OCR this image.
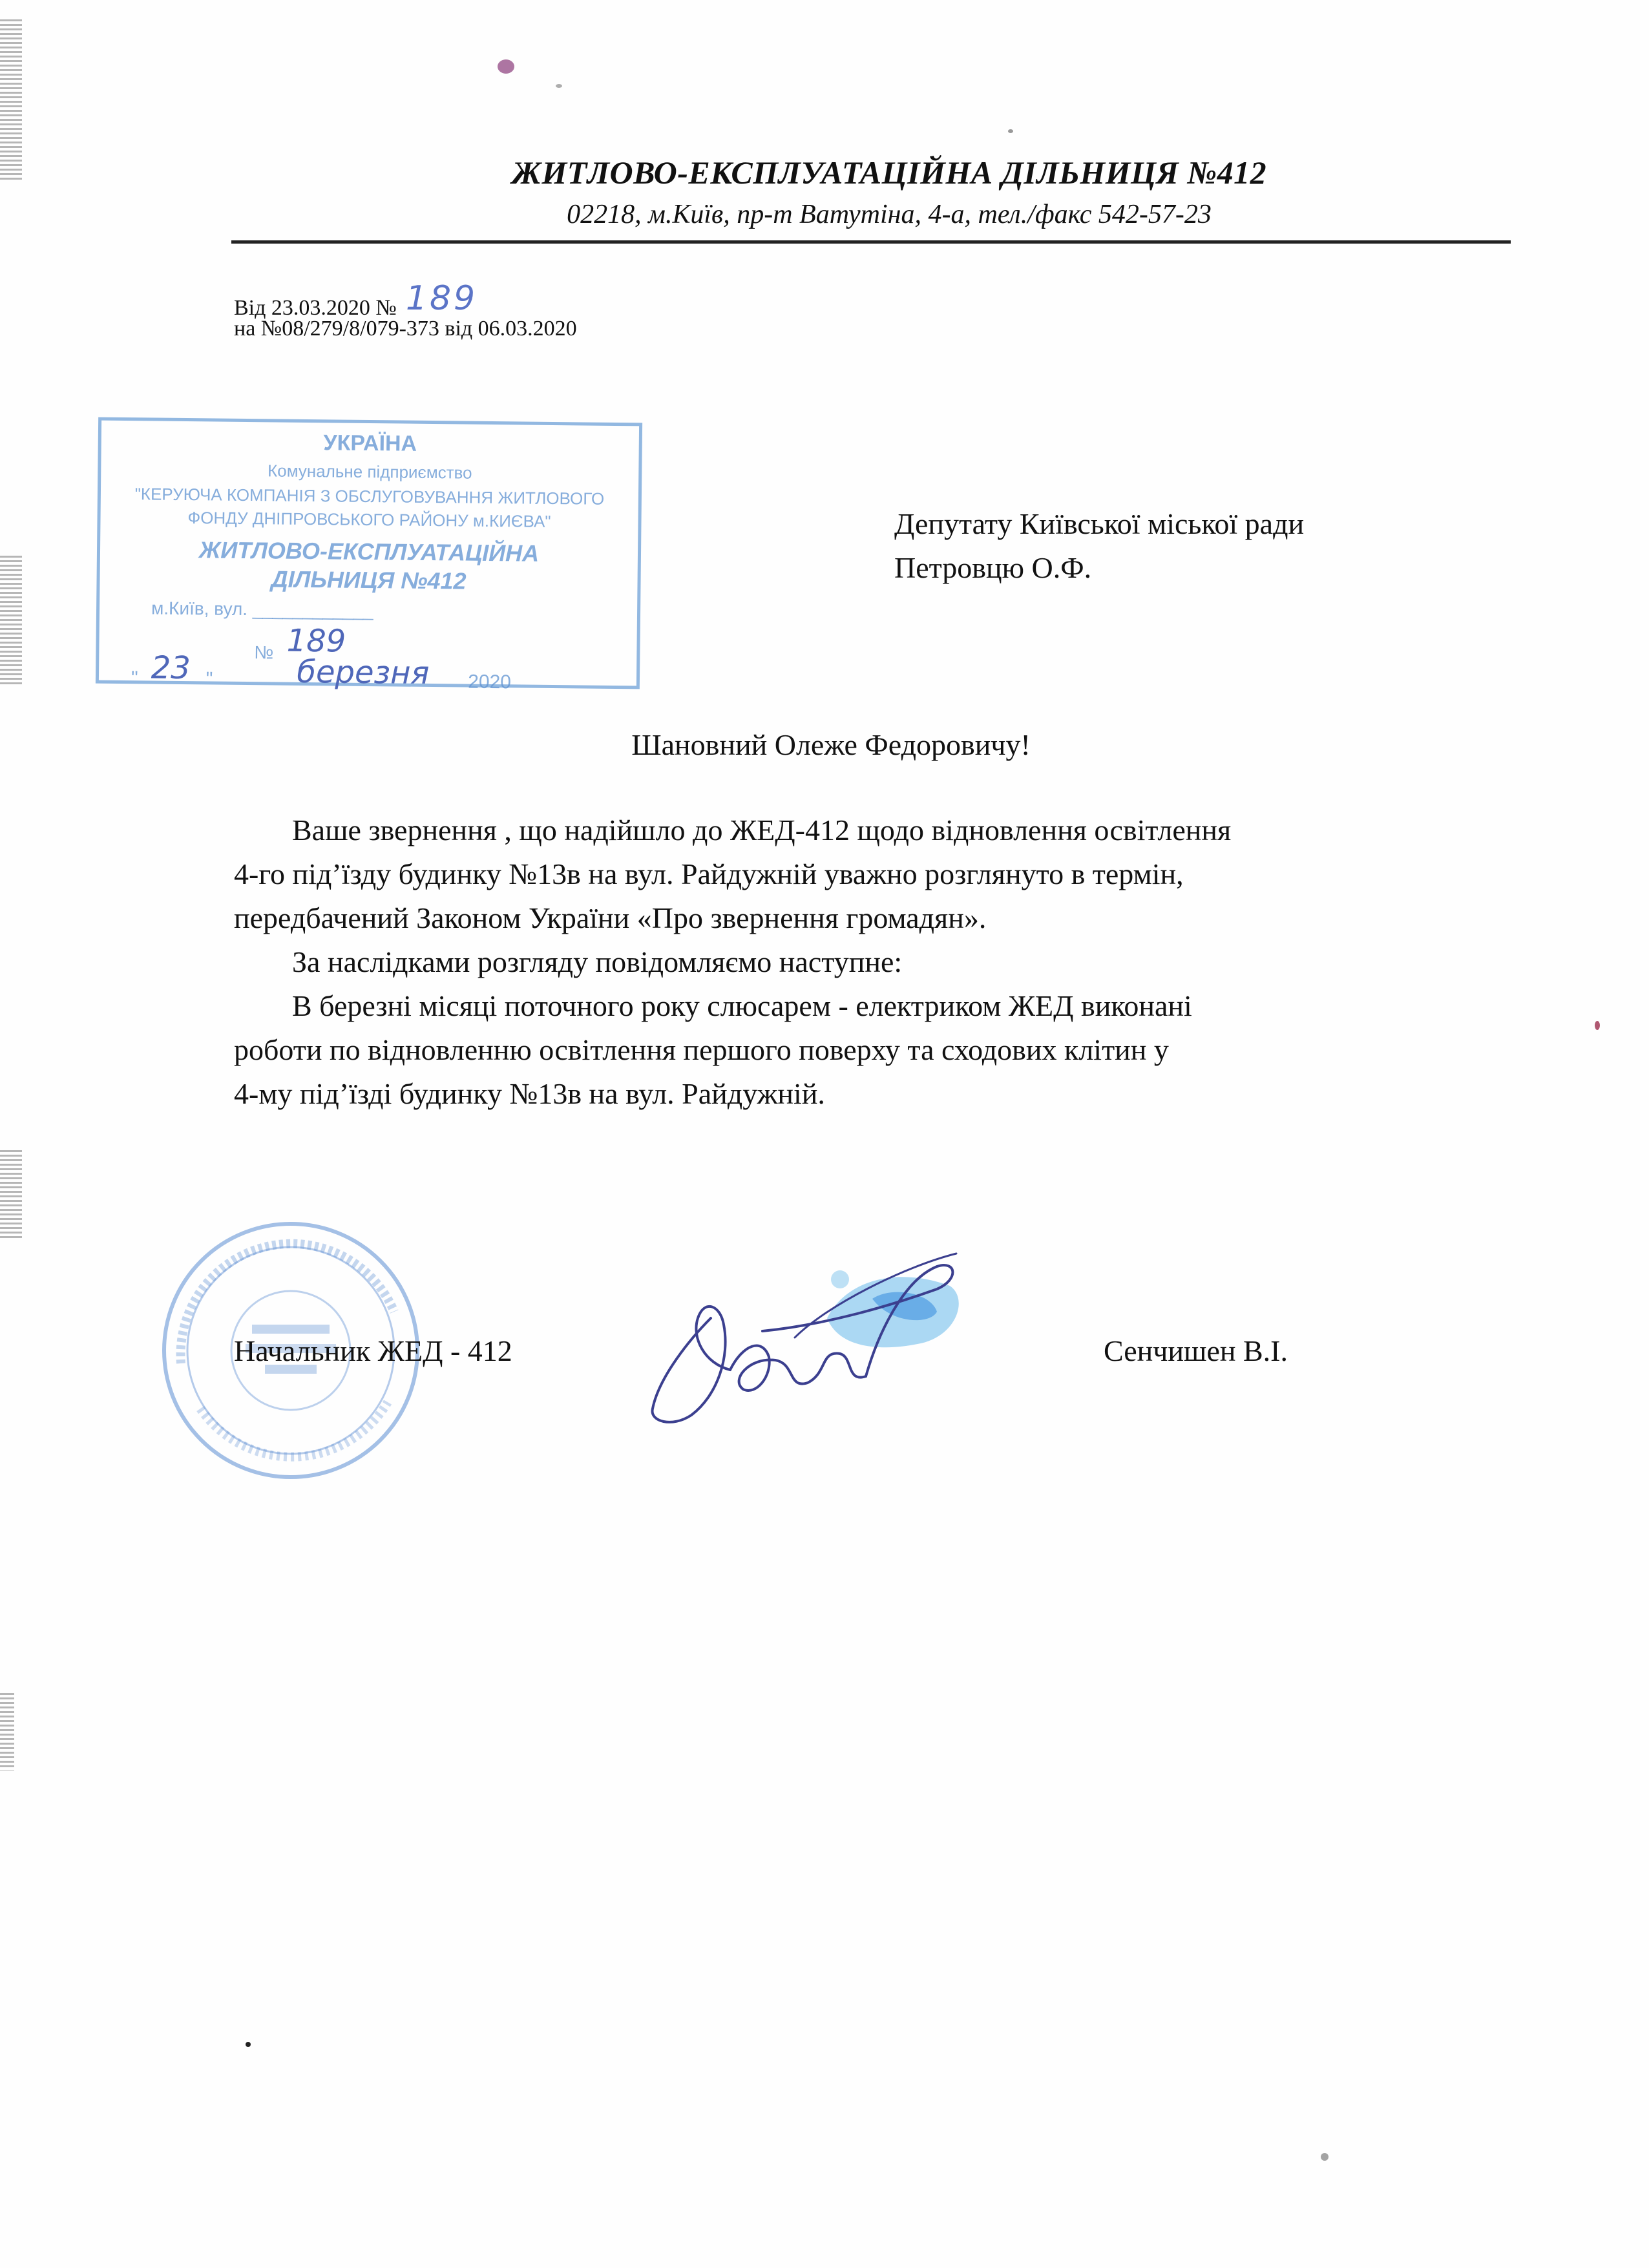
ЖИТЛОВО-ЕКСПЛУАТАЦІЙНА ДІЛЬНИЦЯ №412
02218, м.Київ, пр-т Ватутіна, 4-а, тел./факс 542-57-23
Від 23.03.2020 № 189
на №08/279/8/079-373 від 06.03.2020
УКРАЇНА
Комунальне підприємство
"КЕРУЮЧА КОМПАНІЯ З ОБСЛУГОВУВАННЯ ЖИТЛОВОГО
ФОНДУ ДНІПРОВСЬКОГО РАЙОНУ м.КИЄВА"
ЖИТЛОВО-ЕКСПЛУАТАЦІЙНА
ДІЛЬНИЦЯ №412
м.Київ, вул. ____________
№ 189
" 23 "	березня 2020
Депутату Київської міської ради
Петровцю О.Ф.
Шановний Олеже Федоровичу!
Ваше звернення , що надійшло до ЖЕД-412 щодо відновлення освітлення
4-го під’їзду будинку №13в на вул. Райдужній уважно розглянуто в термін,
передбачений Законом України «Про звернення громадян».
За наслідками розгляду повідомляємо наступне:
В березні місяці поточного року слюсарем - електриком ЖЕД виконані
роботи по відновленню освітлення першого поверху та сходових клітин у
4-му під’їзді будинку №13в на вул. Райдужній.
Начальник ЖЕД - 412	Сенчишен В.І.
